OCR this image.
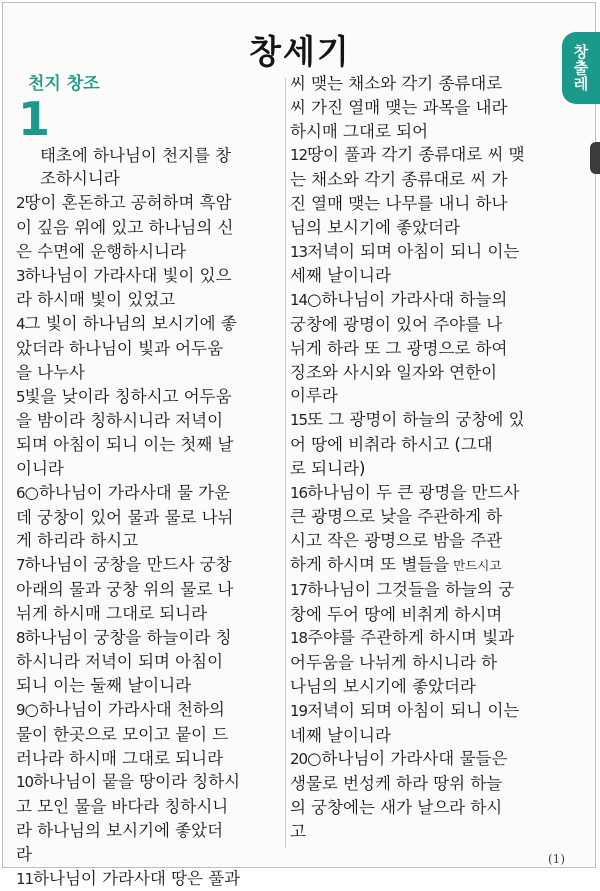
창세기	창출레
천지 창조

1

태초에 하나님이 천지를 창
조하시니라

2땅이 혼돈하고 공허하며 흑암
이 깊음 위에 있고 하나님의 신
은 수면에 운행하시니라
3하나님이 가라사대 빛이 있으
라 하시매 빛이 있었고
4그 빛이 하나님의 보시기에 좋
았더라 하나님이 빛과 어두움
을 나누사
5빛을 낮이라 칭하시고 어두움
을 밤이라 칭하시니라 저녁이
되며 아침이 되니 이는 첫째 날
이니라
6○하나님이 가라사대 물 가운
데 궁창이 있어 물과 물로 나뉘
게 하리라 하시고
7하나님이 궁창을 만드사 궁창
아래의 물과 궁창 위의 물로 나
뉘게 하시매 그대로 되니라
8하나님이 궁창을 하늘이라 칭
하시니라 저녁이 되며 아침이
되니 이는 둘째 날이니라
9○하나님이 가라사대 천하의
물이 한곳으로 모이고 뭍이 드
러나라 하시매 그대로 되니라
10하나님이 뭍을 땅이라 칭하시
고 모인 물을 바다라 칭하시니
라 하나님의 보시기에 좋았더
라
11하나님이 가라사대 땅은 풀과
씨 맺는 채소와 각기 종류대로
씨 가진 열매 맺는 과목을 내라
하시매 그대로 되어
12땅이 풀과 각기 종류대로 씨 맺
는 채소와 각기 종류대로 씨 가
진 열매 맺는 나무를 내니 하나
님의 보시기에 좋았더라
13저녁이 되며 아침이 되니 이는
세째 날이니라
14○하나님이 가라사대 하늘의
궁창에 광명이 있어 주야를 나
뉘게 하라 또 그 광명으로 하여
징조와 사시와 일자와 연한이
이루라
15또 그 광명이 하늘의 궁창에 있
어 땅에 비취라 하시고 (그대
로 되니라)
16하나님이 두 큰 광명을 만드사
큰 광명으로 낮을 주관하게 하
시고 작은 광명으로 밤을 주관
하게 하시며 또 별들을 만드시고
17하나님이 그것들을 하늘의 궁
창에 두어 땅에 비취게 하시며
18주야를 주관하게 하시며 빛과
어두움을 나뉘게 하시니라 하
나님의 보시기에 좋았더라
19저녁이 되며 아침이 되니 이는
네째 날이니라
20○하나님이 가라사대 물들은
생물로 번성케 하라 땅위 하늘
의 궁창에는 새가 날으라 하시
고
(1)
